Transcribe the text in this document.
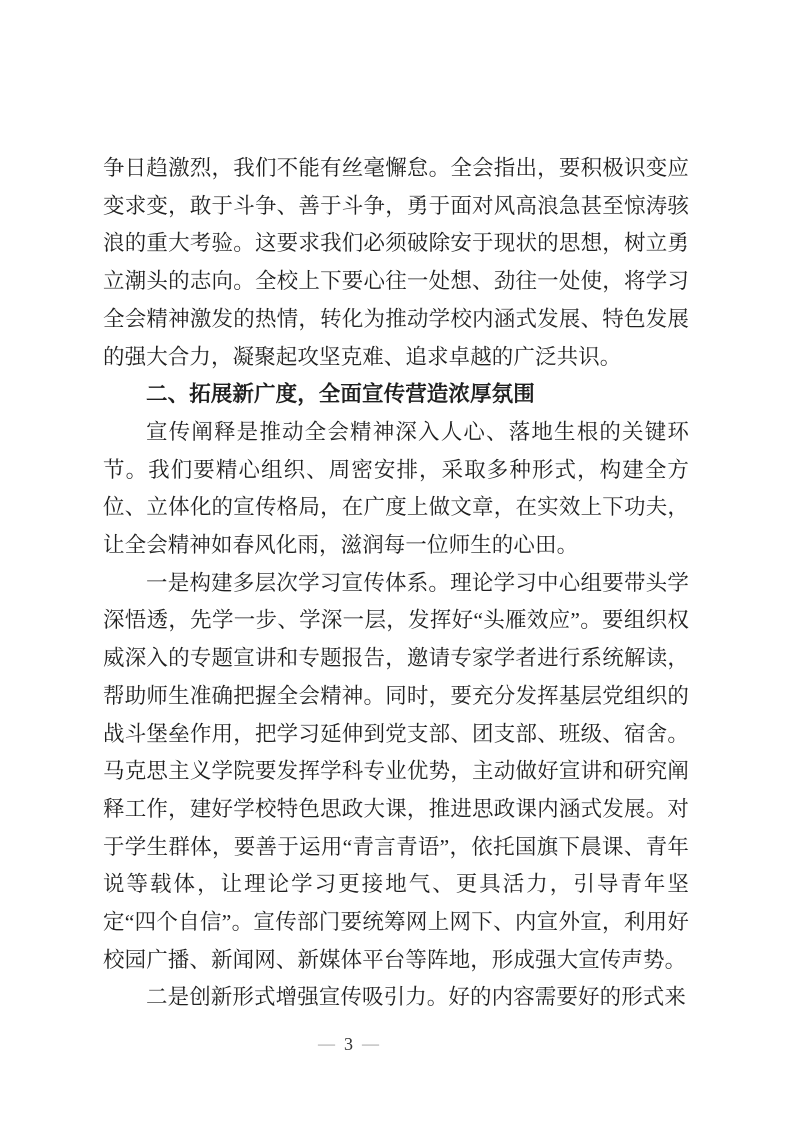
争日趋激烈，我们不能有丝毫懈怠。全会指出，要积极识变应变求变，敢于斗争、善于斗争，勇于面对风高浪急甚至惊涛骇浪的重大考验。这要求我们必须破除安于现状的思想，树立勇立潮头的志向。全校上下要心往一处想、劲往一处使，将学习全会精神激发的热情，转化为推动学校内涵式发展、特色发展的强大合力，凝聚起攻坚克难、追求卓越的广泛共识。

二、拓展新广度，全面宣传营造浓厚氛围

宣传阐释是推动全会精神深入人心、落地生根的关键环节。我们要精心组织、周密安排，采取多种形式，构建全方位、立体化的宣传格局，在广度上做文章，在实效上下功夫，让全会精神如春风化雨，滋润每一位师生的心田。

一是构建多层次学习宣传体系。理论学习中心组要带头学深悟透，先学一步、学深一层，发挥好“头雁效应”。要组织权威深入的专题宣讲和专题报告，邀请专家学者进行系统解读，帮助师生准确把握全会精神。同时，要充分发挥基层党组织的战斗堡垒作用，把学习延伸到党支部、团支部、班级、宿舍。马克思主义学院要发挥学科专业优势，主动做好宣讲和研究阐释工作，建好学校特色思政大课，推进思政课内涵式发展。对于学生群体，要善于运用“青言青语”，依托国旗下晨课、青年说等载体，让理论学习更接地气、更具活力，引导青年坚定“四个自信”。宣传部门要统筹网上网下、内宣外宣，利用好校园广播、新闻网、新媒体平台等阵地，形成强大宣传声势。

二是创新形式增强宣传吸引力。好的内容需要好的形式来

— 3 —
